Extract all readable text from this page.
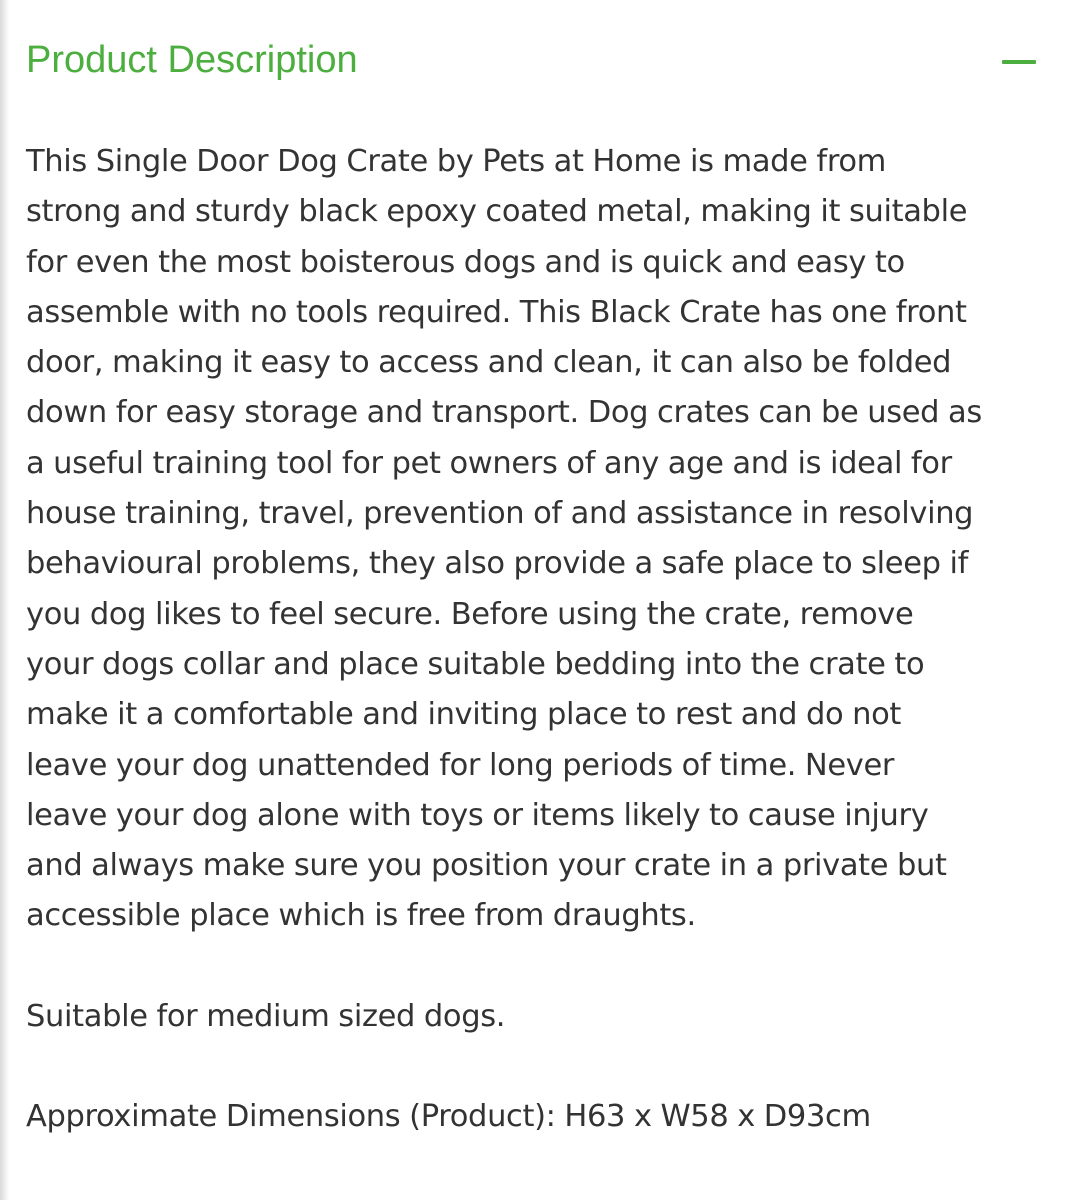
Product Description

This Single Door Dog Crate by Pets at Home is made from
strong and sturdy black epoxy coated metal, making it suitable
for even the most boisterous dogs and is quick and easy to
assemble with no tools required. This Black Crate has one front
door, making it easy to access and clean, it can also be folded
down for easy storage and transport. Dog crates can be used as
a useful training tool for pet owners of any age and is ideal for
house training, travel, prevention of and assistance in resolving
behavioural problems, they also provide a safe place to sleep if
you dog likes to feel secure. Before using the crate, remove
your dogs collar and place suitable bedding into the crate to
make it a comfortable and inviting place to rest and do not
leave your dog unattended for long periods of time. Never
leave your dog alone with toys or items likely to cause injury
and always make sure you position your crate in a private but
accessible place which is free from draughts.

Suitable for medium sized dogs.

Approximate Dimensions (Product): H63 x W58 x D93cm
